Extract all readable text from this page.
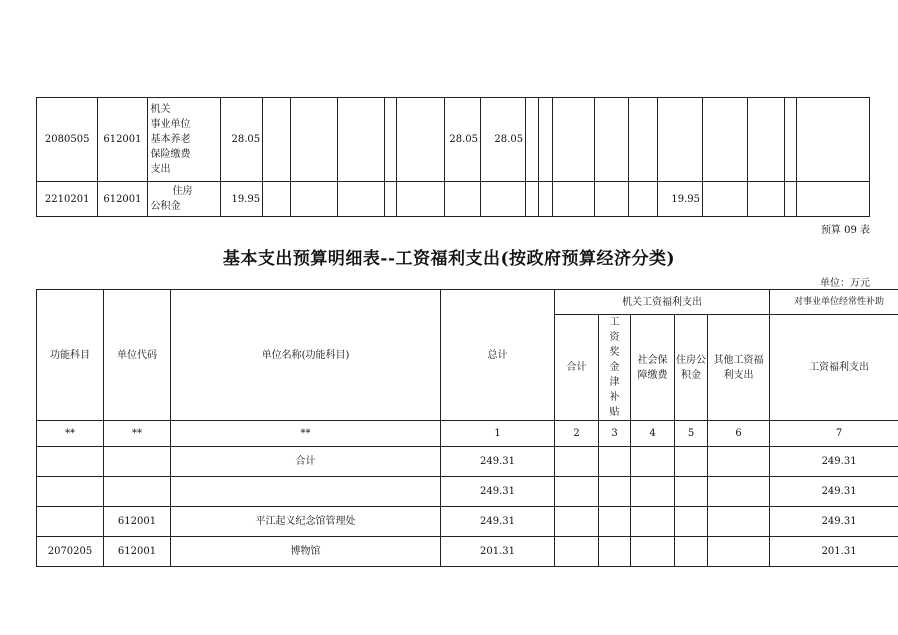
2080505	612001	机关
事业单位
基本养老
保险缴费
支出	28.05						28.05	28.05										
2210201	612001	住房
公积金	19.95													19.95				
预算 09 表
基本支出预算明细表--工资福利支出(按政府预算经济分类)
单位：万元
功能科目	单位代码	单位名称(功能科目)	总计	机关工资福利支出					对事业单位经常性补助
				合计	工资奖金津补贴	社会保障缴费	住房公积金	其他工资福利支出	工资福利支出
**	**	**	1	2	3	4	5	6	7
		合计	249.31						249.31
			249.31						249.31
	612001	平江起义纪念馆管理处	249.31						249.31
2070205	612001	博物馆	201.31						201.31
